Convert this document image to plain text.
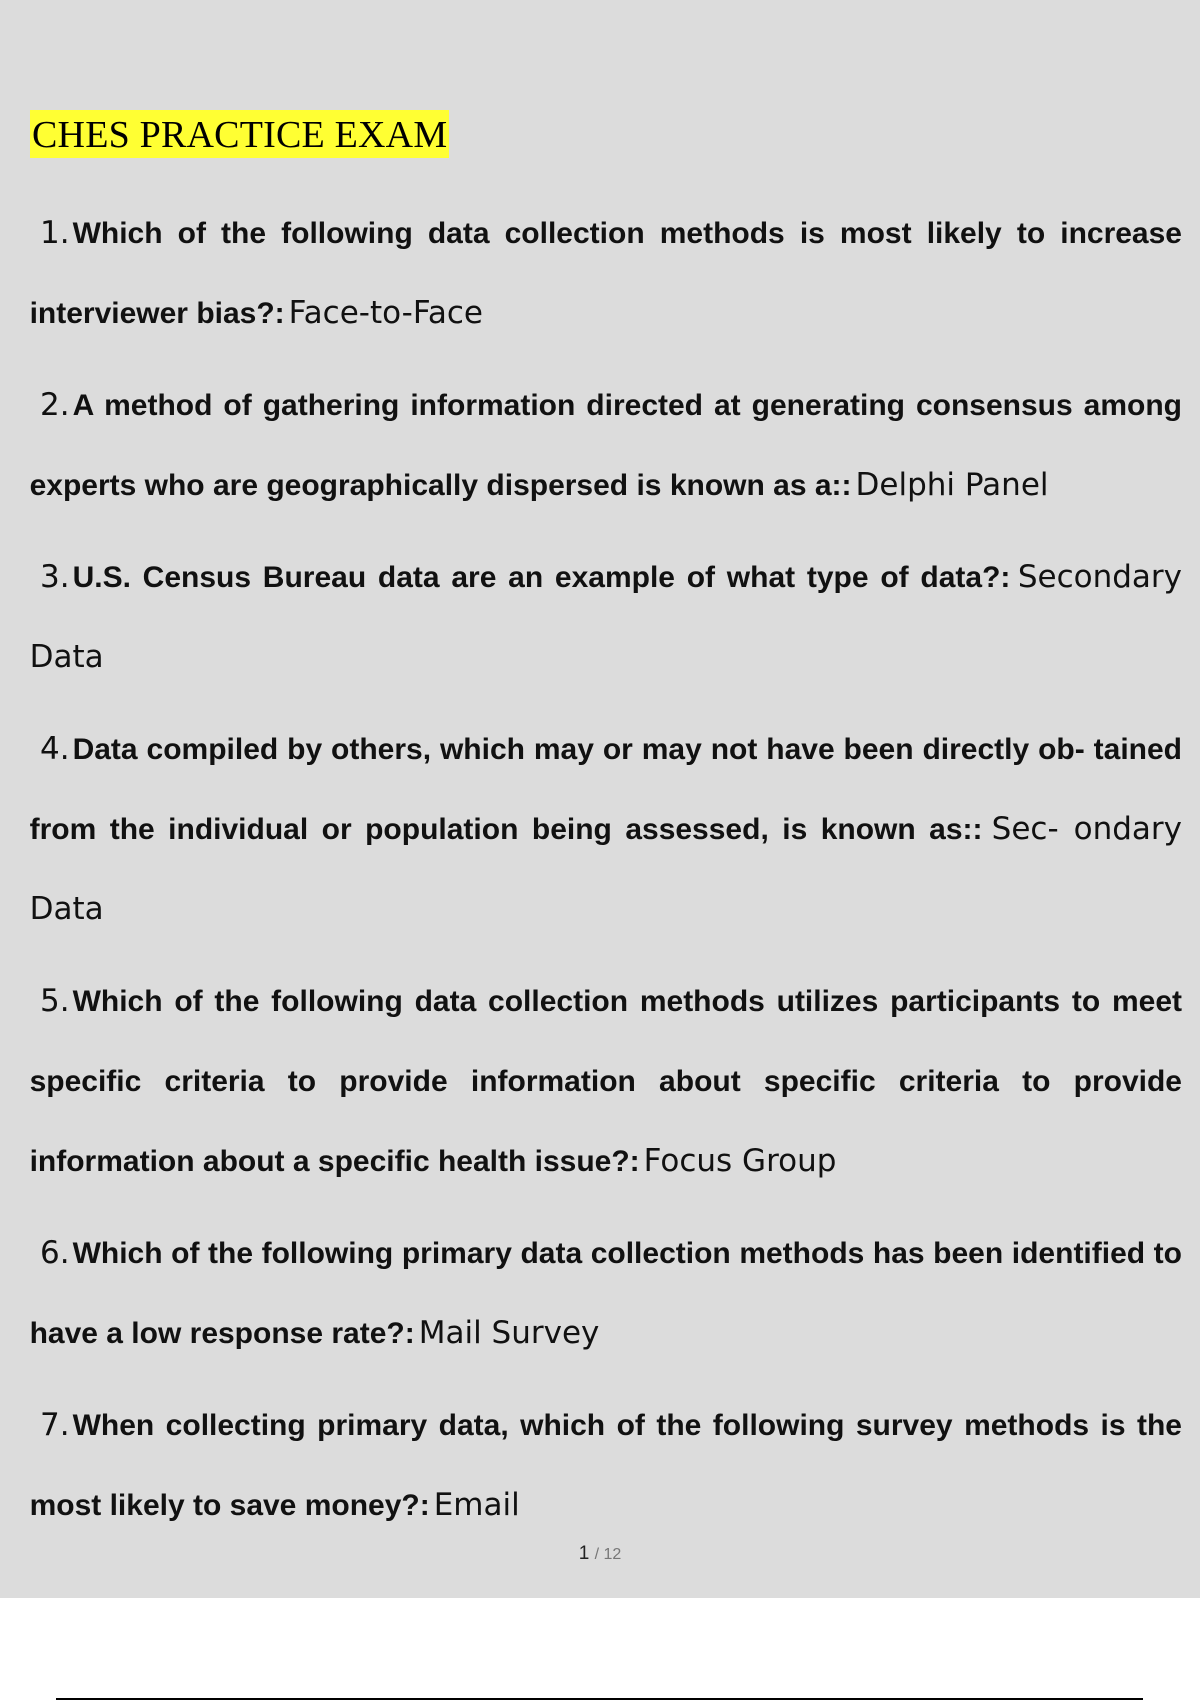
CHES PRACTICE EXAM
1. Which of the following data collection methods is most likely to increase interviewer bias?: Face-to-Face

2. A method of gathering information directed at generating consensus among experts who are geographically dispersed is known as a:: Delphi Panel

3. U.S. Census Bureau data are an example of what type of data?: Secondary Data

4. Data compiled by others, which may or may not have been directly ob- tained from the individual or population being assessed, is known as:: Sec- ondary Data

5. Which of the following data collection methods utilizes participants to meet specific criteria to provide information about specific criteria to provide information about a specific health issue?: Focus Group

6. Which of the following primary data collection methods has been identified to have a low response rate?: Mail Survey

7. When collecting primary data, which of the following survey methods is the most likely to save money?: Email

1 / 12
